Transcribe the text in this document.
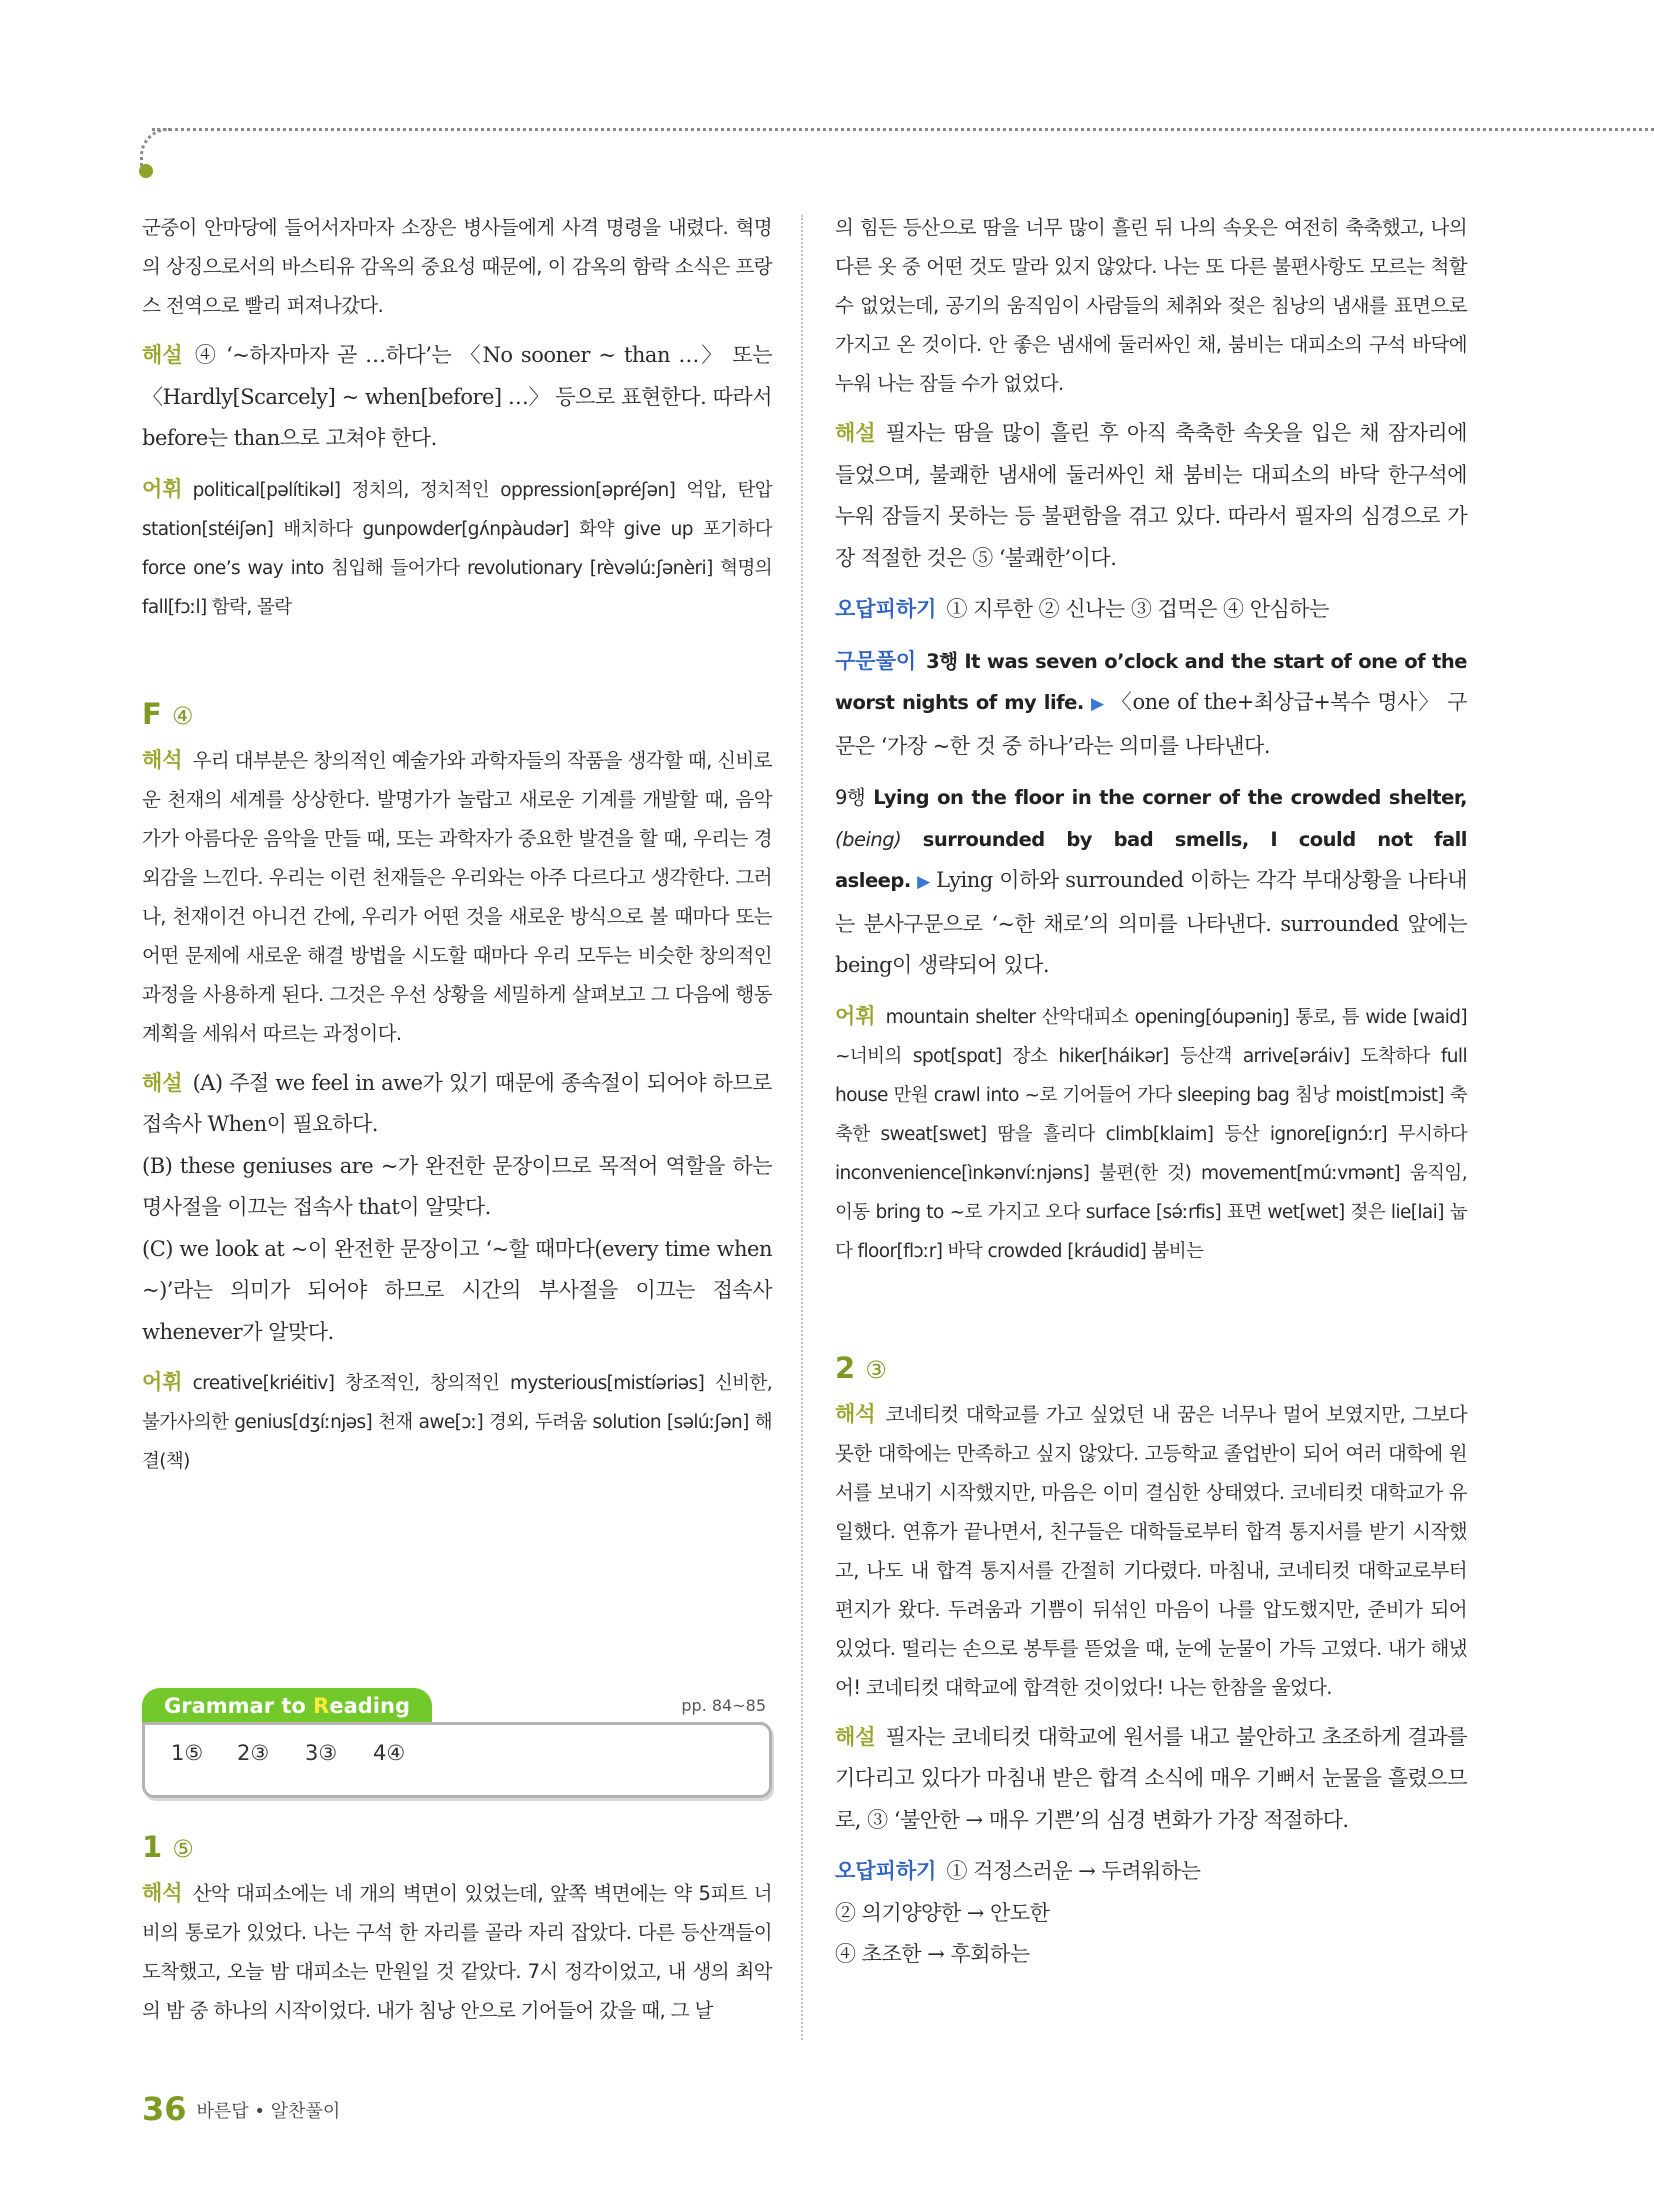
군중이 안마당에 들어서자마자 소장은 병사들에게 사격 명령을 내렸다. 혁명의 상징으로서의 바스티유 감옥의 중요성 때문에, 이 감옥의 함락 소식은 프랑스 전역으로 빨리 퍼져나갔다.

해설 ④ ‘~하자마자 곧 …하다’는 〈No sooner ~ than …〉 또는 〈Hardly[Scarcely] ~ when[before] …〉 등으로 표현한다. 따라서 before는 than으로 고쳐야 한다.

어휘 political[pəlítikəl] 정치의, 정치적인 oppression[əpréʃən] 억압, 탄압 station[stéiʃən] 배치하다 gunpowder[gʌ́npàudər] 화약 give up 포기하다 force one’s way into 침입해 들어가다 revolutionary [rèvəlúːʃənèri] 혁명의 fall[fɔːl] 함락, 몰락

F ④

해석 우리 대부분은 창의적인 예술가와 과학자들의 작품을 생각할 때, 신비로운 천재의 세계를 상상한다. 발명가가 놀랍고 새로운 기계를 개발할 때, 음악가가 아름다운 음악을 만들 때, 또는 과학자가 중요한 발견을 할 때, 우리는 경외감을 느낀다. 우리는 이런 천재들은 우리와는 아주 다르다고 생각한다. 그러나, 천재이건 아니건 간에, 우리가 어떤 것을 새로운 방식으로 볼 때마다 또는 어떤 문제에 새로운 해결 방법을 시도할 때마다 우리 모두는 비슷한 창의적인 과정을 사용하게 된다. 그것은 우선 상황을 세밀하게 살펴보고 그 다음에 행동 계획을 세워서 따르는 과정이다.

해설 (A) 주절 we feel in awe가 있기 때문에 종속절이 되어야 하므로 접속사 When이 필요하다.

(B) these geniuses are ~가 완전한 문장이므로 목적어 역할을 하는 명사절을 이끄는 접속사 that이 알맞다.

(C) we look at ~이 완전한 문장이고 ‘~할 때마다(every time when ~)’라는 의미가 되어야 하므로 시간의 부사절을 이끄는 접속사 whenever가 알맞다.

어휘 creative[kriéitiv] 창조적인, 창의적인 mysterious[mistíəriəs] 신비한, 불가사의한 genius[dʒíːnjəs] 천재 awe[ɔː] 경외, 두려움 solution [səlúːʃən] 해결(책)

Grammar to Reading	pp. 84~85
1⑤ 2③ 3③ 4④
1 ⑤

해석 산악 대피소에는 네 개의 벽면이 있었는데, 앞쪽 벽면에는 약 5피트 너비의 통로가 있었다. 나는 구석 한 자리를 골라 자리 잡았다. 다른 등산객들이 도착했고, 오늘 밤 대피소는 만원일 것 같았다. 7시 정각이었고, 내 생의 최악의 밤 중 하나의 시작이었다. 내가 침낭 안으로 기어들어 갔을 때, 그 날

의 힘든 등산으로 땀을 너무 많이 흘린 뒤 나의 속옷은 여전히 축축했고, 나의 다른 옷 중 어떤 것도 말라 있지 않았다. 나는 또 다른 불편사항도 모르는 척할 수 없었는데, 공기의 움직임이 사람들의 체취와 젖은 침낭의 냄새를 표면으로 가지고 온 것이다. 안 좋은 냄새에 둘러싸인 채, 붐비는 대피소의 구석 바닥에 누워 나는 잠들 수가 없었다.

해설 필자는 땀을 많이 흘린 후 아직 축축한 속옷을 입은 채 잠자리에 들었으며, 불쾌한 냄새에 둘러싸인 채 붐비는 대피소의 바닥 한구석에 누워 잠들지 못하는 등 불편함을 겪고 있다. 따라서 필자의 심경으로 가장 적절한 것은 ⑤ ‘불쾌한’이다.

오답피하기 ① 지루한 ② 신나는 ③ 겁먹은 ④ 안심하는

구문풀이 3행 It was seven o’clock and the start of one of the worst nights of my life. ▶ 〈one of the+최상급+복수 명사〉 구문은 ‘가장 ~한 것 중 하나’라는 의미를 나타낸다.

9행 Lying on the floor in the corner of the crowded shelter, (being) surrounded by bad smells, I could not fall asleep. ▶ Lying 이하와 surrounded 이하는 각각 부대상황을 나타내는 분사구문으로 ‘~한 채로’의 의미를 나타낸다. surrounded 앞에는 being이 생략되어 있다.

어휘 mountain shelter 산악대피소 opening[óupəniŋ] 통로, 틈 wide [waid] ~너비의 spot[spɑt] 장소 hiker[háikər] 등산객 arrive[əráiv] 도착하다 full house 만원 crawl into ~로 기어들어 가다 sleeping bag 침낭 moist[mɔist] 축축한 sweat[swet] 땀을 흘리다 climb[klaim] 등산 ignore[ignɔ́ːr] 무시하다 inconvenience[ìnkənvíːnjəns] 불편(한 것) movement[múːvmənt] 움직임, 이동 bring to ~로 가지고 오다 surface [sə́ːrfis] 표면 wet[wet] 젖은 lie[lai] 눕다 floor[flɔːr] 바닥 crowded [kráudid] 붐비는

2 ③

해석 코네티컷 대학교를 가고 싶었던 내 꿈은 너무나 멀어 보였지만, 그보다 못한 대학에는 만족하고 싶지 않았다. 고등학교 졸업반이 되어 여러 대학에 원서를 보내기 시작했지만, 마음은 이미 결심한 상태였다. 코네티컷 대학교가 유일했다. 연휴가 끝나면서, 친구들은 대학들로부터 합격 통지서를 받기 시작했고, 나도 내 합격 통지서를 간절히 기다렸다. 마침내, 코네티컷 대학교로부터 편지가 왔다. 두려움과 기쁨이 뒤섞인 마음이 나를 압도했지만, 준비가 되어 있었다. 떨리는 손으로 봉투를 뜯었을 때, 눈에 눈물이 가득 고였다. 내가 해냈어! 코네티컷 대학교에 합격한 것이었다! 나는 한참을 울었다.

해설 필자는 코네티컷 대학교에 원서를 내고 불안하고 초조하게 결과를 기다리고 있다가 마침내 받은 합격 소식에 매우 기뻐서 눈물을 흘렸으므로, ③ ‘불안한 → 매우 기쁜’의 심경 변화가 가장 적절하다.

오답피하기 ① 걱정스러운 → 두려워하는

② 의기양양한 → 안도한

④ 초조한 → 후회하는

36 바른답 • 알찬풀이
